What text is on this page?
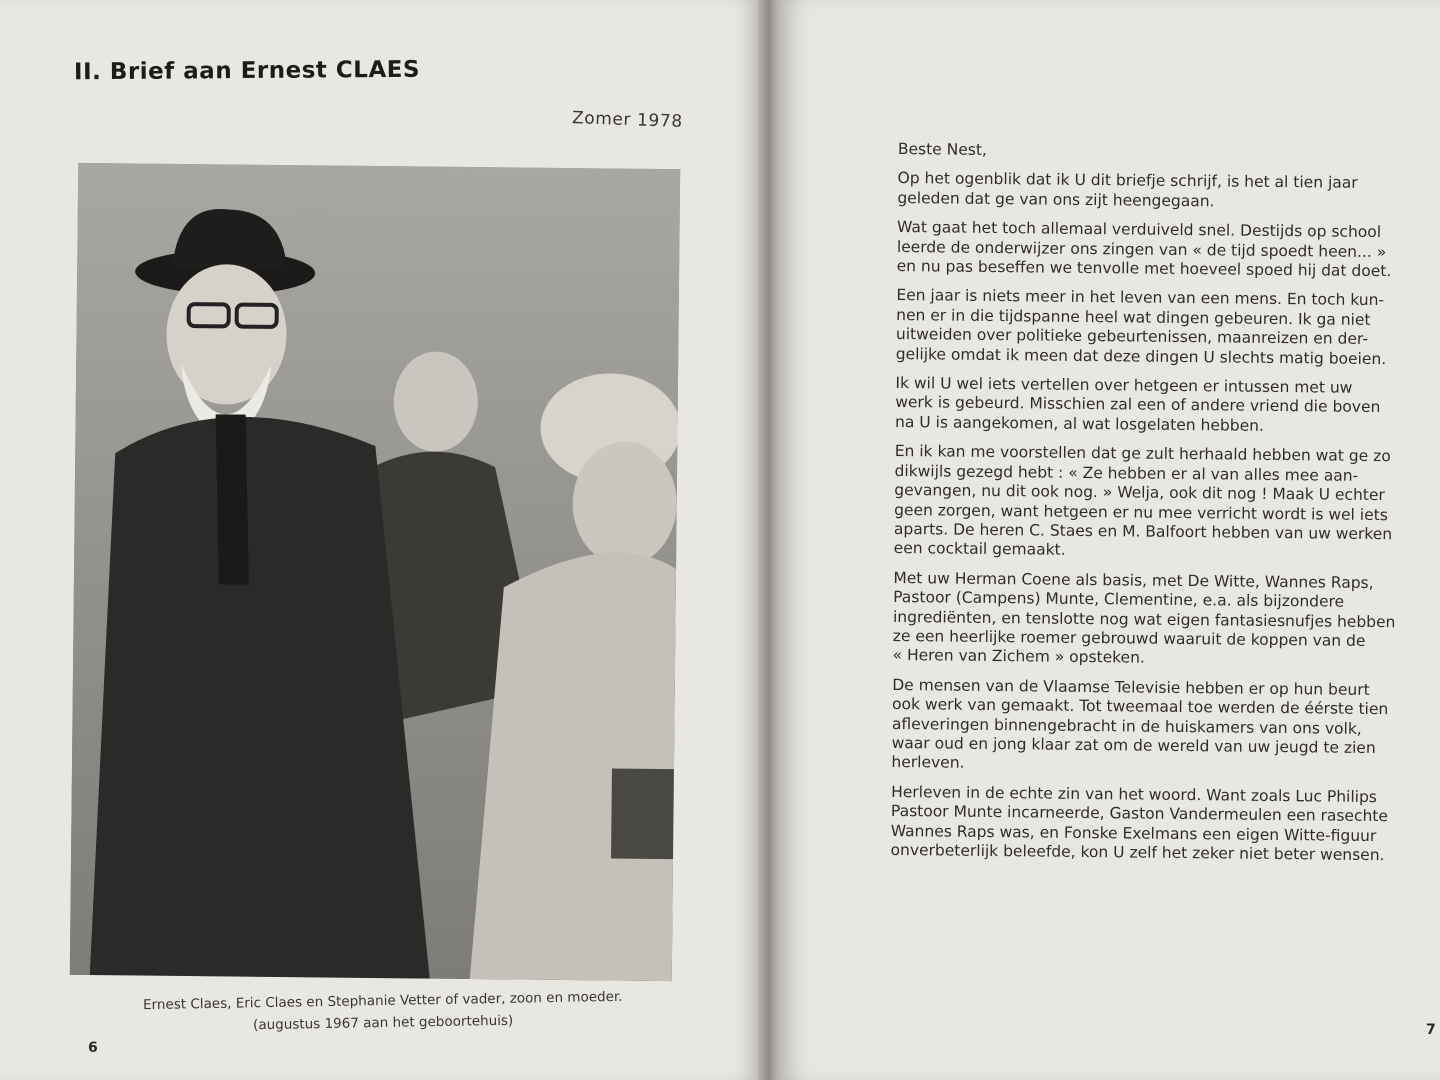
II. Brief aan Ernest CLAES
Zomer 1978
Ernest Claes, Eric Claes en Stephanie Vetter of vader, zoon en moeder.
(augustus 1967 aan het geboortehuis)
6
Beste Nest,
Op het ogenblik dat ik U dit briefje schrijf, is het al tien jaar
geleden dat ge van ons zijt heengegaan.
Wat gaat het toch allemaal verduiveld snel. Destijds op school
leerde de onderwijzer ons zingen van « de tijd spoedt heen... »
en nu pas beseffen we tenvolle met hoeveel spoed hij dat doet.
Een jaar is niets meer in het leven van een mens. En toch kun-
nen er in die tijdspanne heel wat dingen gebeuren. Ik ga niet
uitweiden over politieke gebeurtenissen, maanreizen en der-
gelijke omdat ik meen dat deze dingen U slechts matig boeien.
Ik wil U wel iets vertellen over hetgeen er intussen met uw
werk is gebeurd. Misschien zal een of andere vriend die boven
na U is aangekomen, al wat losgelaten hebben.
En ik kan me voorstellen dat ge zult herhaald hebben wat ge zo
dikwijls gezegd hebt : « Ze hebben er al van alles mee aan-
gevangen, nu dit ook nog. » Welja, ook dit nog ! Maak U echter
geen zorgen, want hetgeen er nu mee verricht wordt is wel iets
aparts. De heren C. Staes en M. Balfoort hebben van uw werken
een cocktail gemaakt.
Met uw Herman Coene als basis, met De Witte, Wannes Raps,
Pastoor (Campens) Munte, Clementine, e.a. als bijzondere
ingrediënten, en tenslotte nog wat eigen fantasiesnufjes hebben
ze een heerlijke roemer gebrouwd waaruit de koppen van de
« Heren van Zichem » opsteken.
De mensen van de Vlaamse Televisie hebben er op hun beurt
ook werk van gemaakt. Tot tweemaal toe werden de éérste tien
afleveringen binnengebracht in de huiskamers van ons volk,
waar oud en jong klaar zat om de wereld van uw jeugd te zien
herleven.
Herleven in de echte zin van het woord. Want zoals Luc Philips
Pastoor Munte incarneerde, Gaston Vandermeulen een rasechte
Wannes Raps was, en Fonske Exelmans een eigen Witte-figuur
onverbeterlijk beleefde, kon U zelf het zeker niet beter wensen.
7
